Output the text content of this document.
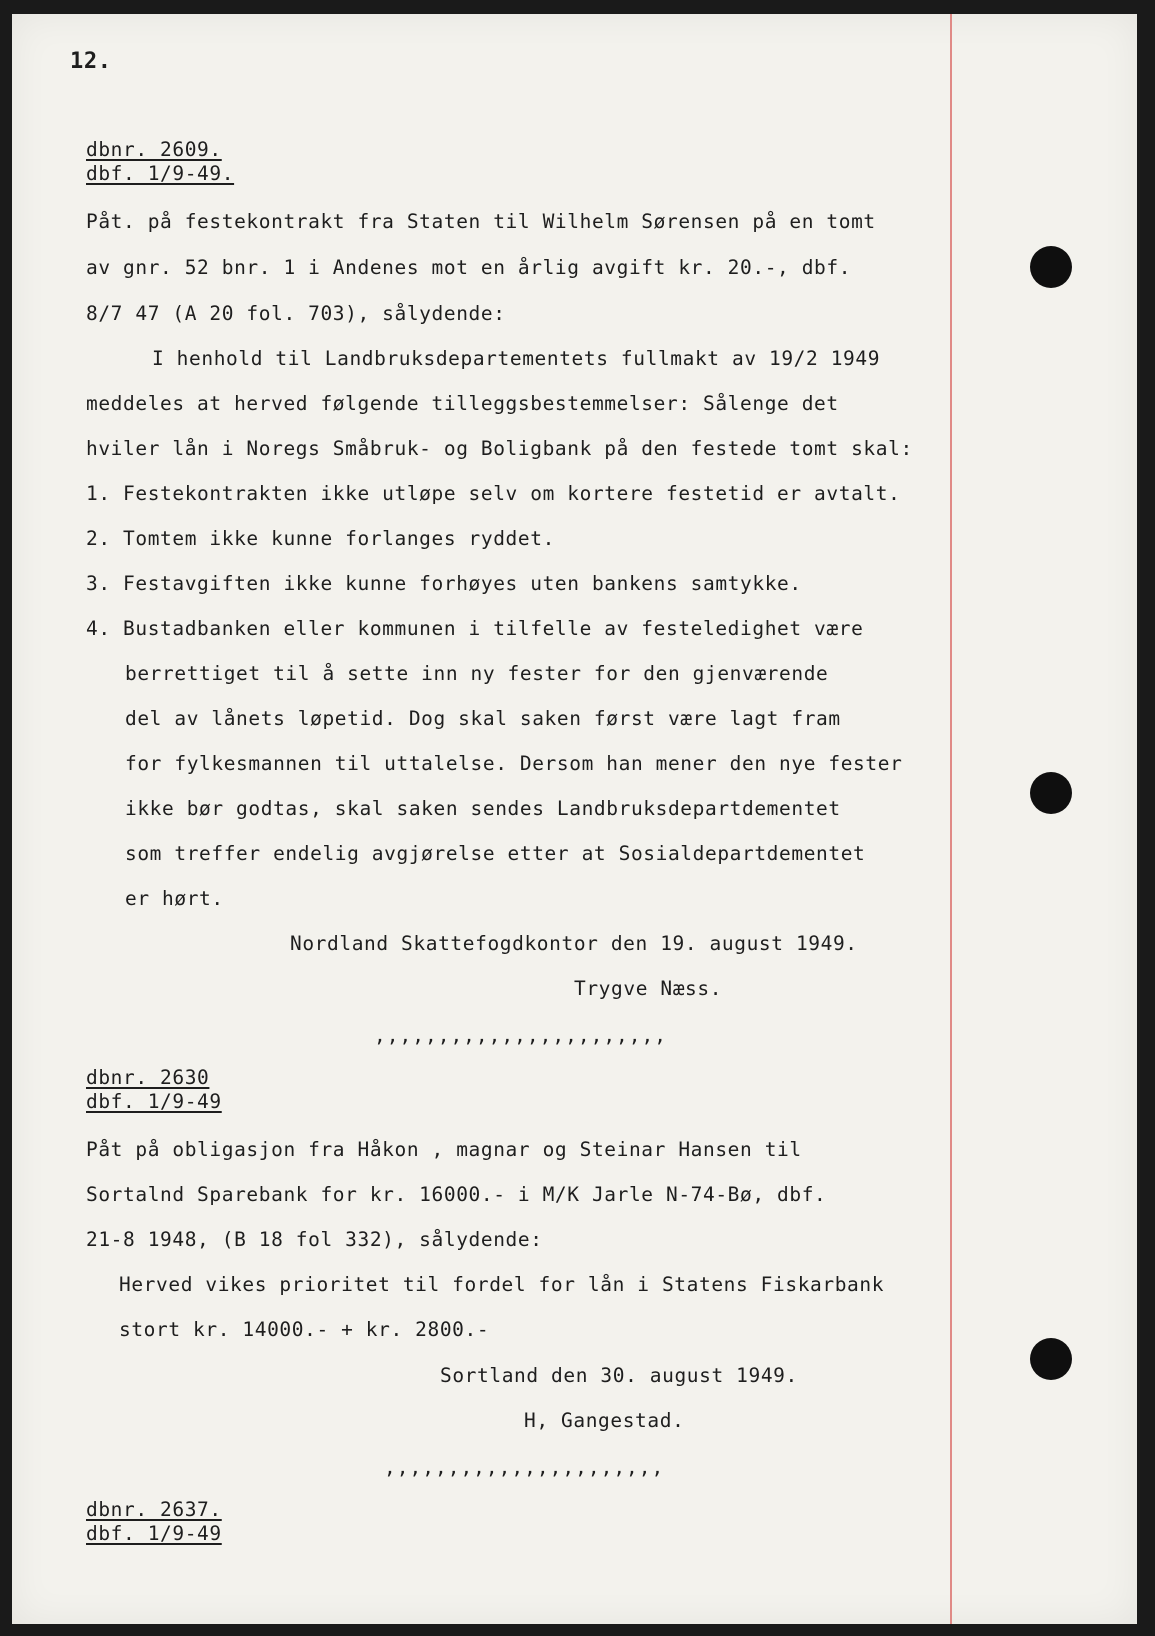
12.
dbnr. 2609.
dbf. 1/9-49.
Påt. på festekontrakt fra Staten til Wilhelm Sørensen på en tomt
av gnr. 52 bnr. 1 i Andenes mot en årlig avgift kr. 20.-, dbf.
8/7 47 (A 20 fol. 703), sålydende:
I henhold til Landbruksdepartementets fullmakt av 19/2 1949
meddeles at herved følgende tilleggsbestemmelser: Sålenge det
hviler lån i Noregs Småbruk- og Boligbank på den festede tomt skal:
1. Festekontrakten ikke utløpe selv om kortere festetid er avtalt.
2. Tomtem ikke kunne forlanges ryddet.
3. Festavgiften ikke kunne forhøyes uten bankens samtykke.
4. Bustadbanken eller kommunen i tilfelle av festeledighet være
berrettiget til å sette inn ny fester for den gjenværende
del av lånets løpetid. Dog skal saken først være lagt fram
for fylkesmannen til uttalelse. Dersom han mener den nye fester
ikke bør godtas, skal saken sendes Landbruksdepartdementet
som treffer endelig avgjørelse etter at Sosialdepartdementet
er hørt.
Nordland Skattefogdkontor den 19. august 1949.
Trygve Næss.
,,,,,,,,,,,,,,,,,,,,,,,
dbnr. 2630
dbf. 1/9-49
Påt på obligasjon fra Håkon , magnar og Steinar Hansen til
Sortalnd Sparebank for kr. 16000.- i M/K Jarle N-74-Bø, dbf.
21-8 1948, (B 18 fol 332), sålydende:
Herved vikes prioritet til fordel for lån i Statens Fiskarbank
stort kr. 14000.- + kr. 2800.-
Sortland den 30. august 1949.
H, Gangestad.
,,,,,,,,,,,,,,,,,,,,,,
dbnr. 2637.
dbf. 1/9-49
